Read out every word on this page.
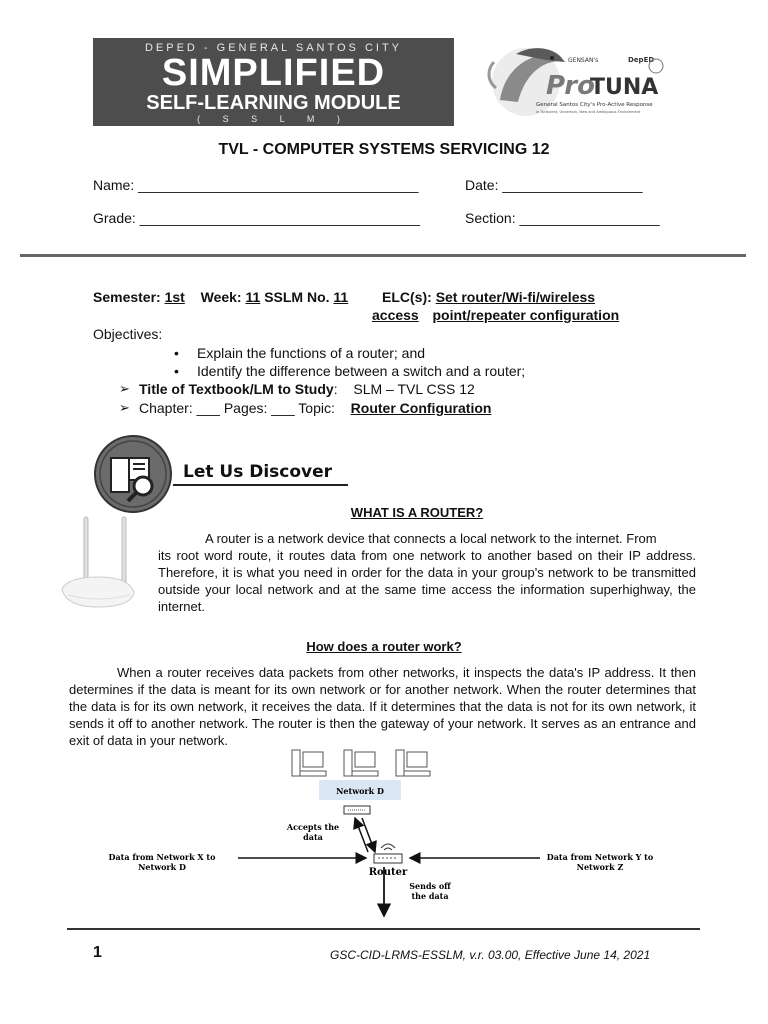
DEPED - GENERAL SANTOS CITY
SIMPLIFIED
SELF-LEARNING MODULE
( S S L M )
GENSAN's
Pro
TUNA
DepED
General Santos City's Pro-Active Response
in Turbulent, Uncertain, New and Ambiguous Environment
TVL - COMPUTER SYSTEMS SERVICING 12
Name: ____________________________________	Date: __________________
Grade: ____________________________________	Section: __________________
Semester: 1st Week: 11 SSLM No. 11 ELC(s): Set router/Wi-fi/wireless
access point/repeater configuration
Objectives:
• Explain the functions of a router; and
• Identify the difference between a switch and a router;
➢ Title of Textbook/LM to Study:  SLM – TVL CSS 12
➢ Chapter: ___ Pages: ___ Topic: Router Configuration
Let Us Discover
WHAT IS A ROUTER?
A router is a network device that connects a local network to the internet. From
its root word route, it routes data from one network to another based on their IP address. Therefore, it is what you need in order for the data in your group's network to be transmitted outside your local network and at the same time access the information superhighway, the internet.
How does a router work?
When a router receives data packets from other networks, it inspects the data's IP address. It then determines if the data is meant for its own network or for another network. When the router determines that the data is for its own network, it receives the data. If it determines that the data is not for its own network, it sends it off to another network. The router is then the gateway of your network. It serves as an entrance and exit of data in your network.
Network D
Router
Accepts the
data
Data from Network X to
Network D
Data from Network Y to
Network Z
Sends off
the data
1	GSC-CID-LRMS-ESSLM, v.r. 03.00, Effective June 14, 2021
